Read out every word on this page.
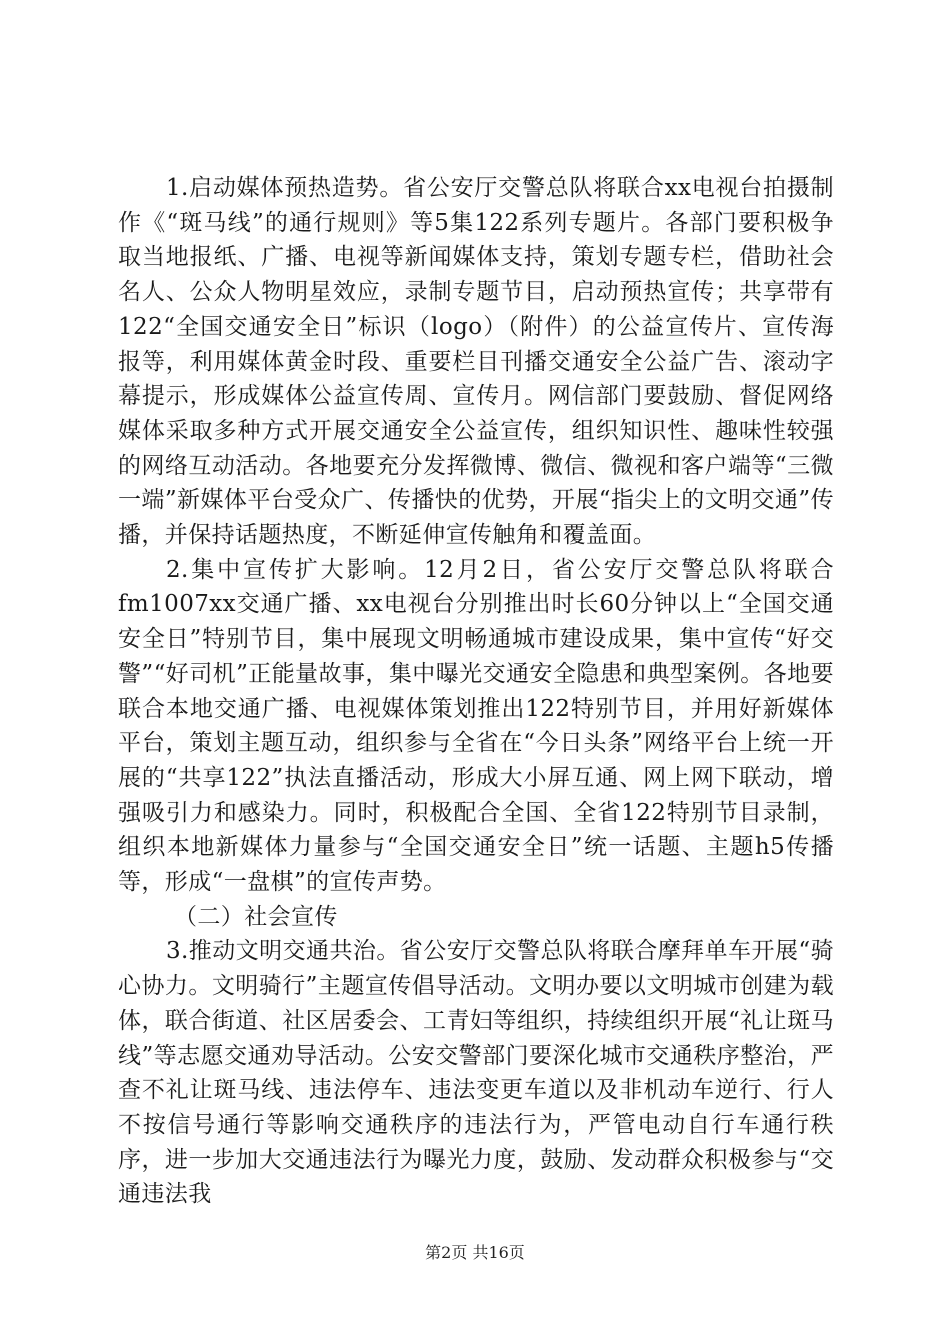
1.启动媒体预热造势。省公安厅交警总队将联合xx电视台拍摄制作《“斑马线”的通行规则》等5集122系列专题片。各部门要积极争取当地报纸、广播、电视等新闻媒体支持，策划专题专栏，借助社会名人、公众人物明星效应，录制专题节目，启动预热宣传；共享带有122“全国交通安全日”标识（logo）（附件）的公益宣传片、宣传海报等，利用媒体黄金时段、重要栏目刊播交通安全公益广告、滚动字幕提示，形成媒体公益宣传周、宣传月。网信部门要鼓励、督促网络媒体采取多种方式开展交通安全公益宣传，组织知识性、趣味性较强的网络互动活动。各地要充分发挥微博、微信、微视和客户端等“三微一端”新媒体平台受众广、传播快的优势，开展“指尖上的文明交通”传播，并保持话题热度，不断延伸宣传触角和覆盖面。

2.集中宣传扩大影响。12月2日，省公安厅交警总队将联合fm1007xx交通广播、xx电视台分别推出时长60分钟以上“全国交通安全日”特别节目，集中展现文明畅通城市建设成果，集中宣传“好交警”“好司机”正能量故事，集中曝光交通安全隐患和典型案例。各地要联合本地交通广播、电视媒体策划推出122特别节目，并用好新媒体平台，策划主题互动，组织参与全省在“今日头条”网络平台上统一开展的“共享122”执法直播活动，形成大小屏互通、网上网下联动，增强吸引力和感染力。同时，积极配合全国、全省122特别节目录制，组织本地新媒体力量参与“全国交通安全日”统一话题、主题h5传播等，形成“一盘棋”的宣传声势。

（二）社会宣传

3.推动文明交通共治。省公安厅交警总队将联合摩拜单车开展“骑心协力。文明骑行”主题宣传倡导活动。文明办要以文明城市创建为载体，联合街道、社区居委会、工青妇等组织，持续组织开展“礼让斑马线”等志愿交通劝导活动。公安交警部门要深化城市交通秩序整治，严查不礼让斑马线、违法停车、违法变更车道以及非机动车逆行、行人不按信号通行等影响交通秩序的违法行为，严管电动自行车通行秩序，进一步加大交通违法行为曝光力度，鼓励、发动群众积极参与“交通违法我

第2页 共16页
